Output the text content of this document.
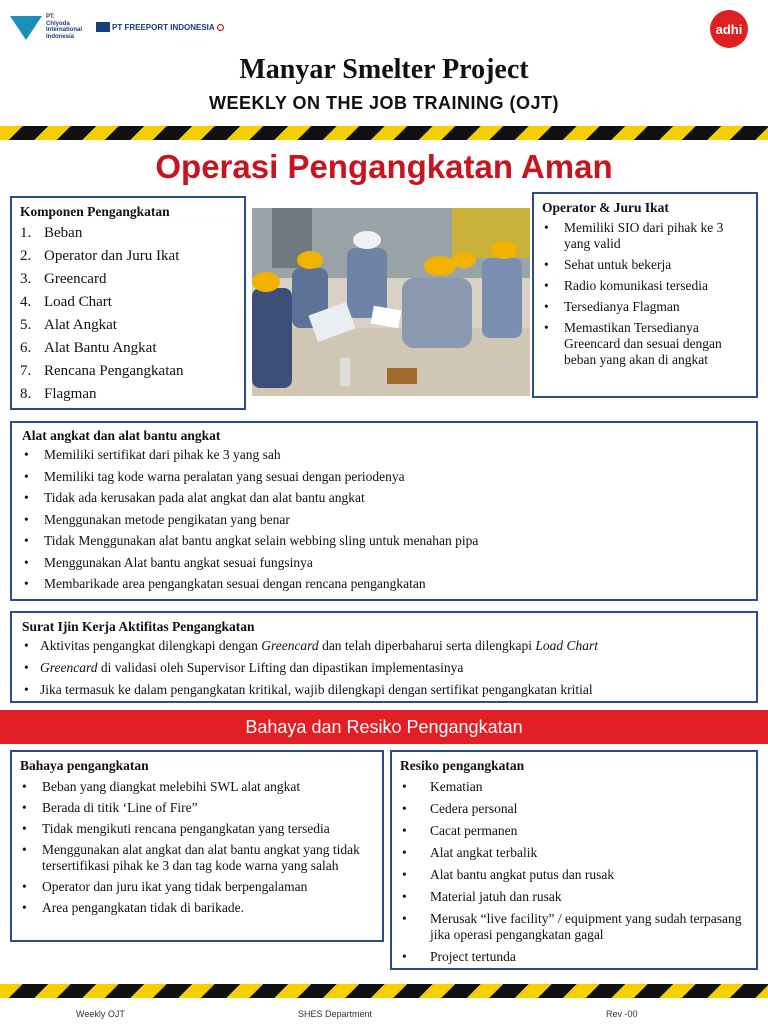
PT.
Chiyoda
International
Indonesia
PT FREEPORT INDONESIA	adhi
Manyar Smelter Project
WEEKLY ON THE JOB TRAINING (OJT)
Operasi Pengangkatan Aman
Komponen Pengangkatan
1. Beban
2. Operator dan Juru Ikat
3. Greencard
4. Load Chart
5. Alat Angkat
6. Alat Bantu Angkat
7. Rencana Pengangkatan
8. Flagman
Operator & Juru Ikat
• Memiliki SIO dari pihak ke 3 yang valid
• Sehat untuk bekerja
• Radio komunikasi tersedia
• Tersedianya Flagman
• Memastikan Tersedianya Greencard dan sesuai dengan beban yang akan di angkat
Alat angkat dan alat bantu angkat
• Memiliki sertifikat dari pihak ke 3 yang sah
• Memiliki tag kode warna peralatan yang sesuai dengan periodenya
• Tidak ada kerusakan pada alat angkat dan alat bantu angkat
• Menggunakan metode pengikatan yang benar
• Tidak Menggunakan alat bantu angkat selain webbing sling untuk menahan pipa
• Menggunakan Alat bantu angkat sesuai fungsinya
• Membarikade area pengangkatan sesuai dengan rencana pengangkatan
Surat Ijin Kerja Aktifitas Pengangkatan
• Aktivitas pengangkat dilengkapi dengan Greencard dan telah diperbaharui serta dilengkapi Load Chart
• Greencard di validasi oleh Supervisor Lifting dan dipastikan implementasinya
• Jika termasuk ke dalam pengangkatan kritikal, wajib dilengkapi dengan sertifikat pengangkatan kritial
Bahaya dan Resiko Pengangkatan
Bahaya pengangkatan
• Beban yang diangkat melebihi SWL alat angkat
• Berada di titik ‘Line of Fire”
• Tidak mengikuti rencana pengangkatan yang tersedia
• Menggunakan alat angkat dan alat bantu angkat yang tidak tersertifikasi pihak ke 3 dan tag kode warna yang salah
• Operator dan juru ikat yang tidak berpengalaman
• Area pengangkatan tidak di barikade.
Resiko pengangkatan
• Kematian
• Cedera personal
• Cacat permanen
• Alat angkat terbalik
• Alat bantu angkat putus dan rusak
• Material jatuh dan rusak
• Merusak “live facility” / equipment yang sudah terpasang jika operasi pengangkatan gagal
• Project tertunda
Weekly OJT	SHES Department	Rev -00
